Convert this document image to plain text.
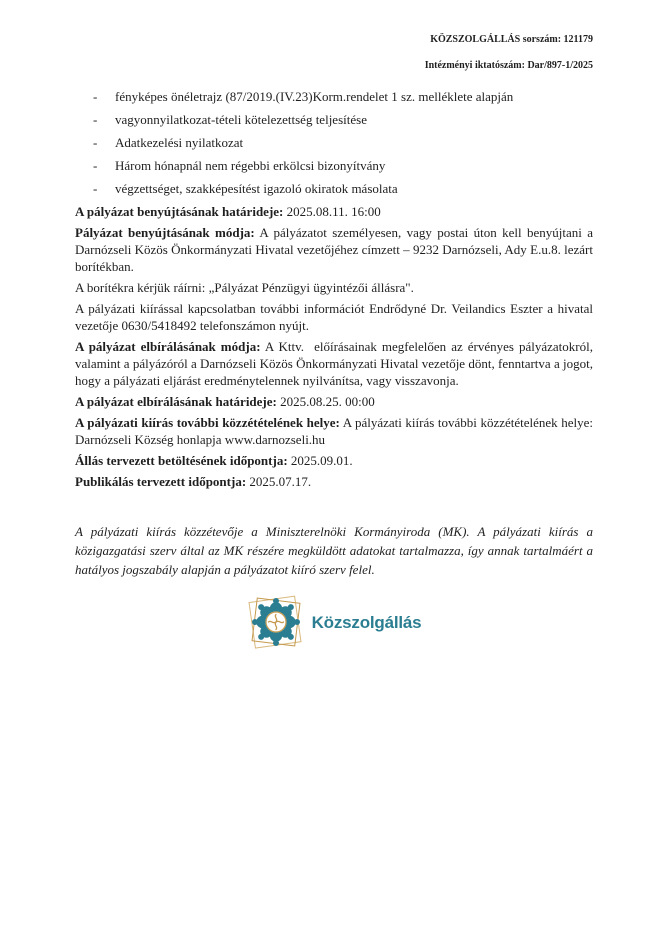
KÖZSZOLGÁLLÁS sorszám: 121179
Intézményi iktatószám: Dar/897-1/2025
-	fényképes önéletrajz (87/2019.(IV.23)Korm.rendelet 1 sz. melléklete alapján
-	vagyonnyilatkozat-tételi kötelezettség teljesítése
-	Adatkezelési nyilatkozat
-	Három hónapnál nem régebbi erkölcsi bizonyítvány
-	végzettséget, szakképesítést igazoló okiratok másolata

A pályázat benyújtásának határideje: 2025.08.11. 16:00

Pályázat benyújtásának módja: A pályázatot személyesen, vagy postai úton kell benyújtani a Darnózseli Közös Önkormányzati Hivatal vezetőjéhez címzett – 9232 Darnózseli, Ady E.u.8. lezárt borítékban.

A borítékra kérjük ráírni: „Pályázat Pénzügyi ügyintézői állásra".

A pályázati kiírással kapcsolatban további információt Endrődyné Dr. Veilandics Eszter a hivatal vezetője 0630/5418492 telefonszámon nyújt.

A pályázat elbírálásának módja: A Kttv.  előírásainak megfelelően az érvényes pályázatokról, valamint a pályázóról a Darnózseli Közös Önkormányzati Hivatal vezetője dönt, fenntartva a jogot, hogy a pályázati eljárást eredménytelennek nyilvánítsa, vagy visszavonja.

A pályázat elbírálásának határideje: 2025.08.25. 00:00

A pályázati kiírás további közzétételének helye: A pályázati kiírás további közzétételének helye: Darnózseli Község honlapja www.darnozseli.hu

Állás tervezett betöltésének időpontja: 2025.09.01.

Publikálás tervezett időpontja: 2025.07.17.

A pályázati kiírás közzétevője a Miniszterelnöki Kormányiroda (MK). A pályázati kiírás a közigazgatási szerv által az MK részére megküldött adatokat tartalmazza, így annak tartalmáért a hatályos jogszabály alapján a pályázatot kiíró szerv felel.
Közszolgállás
